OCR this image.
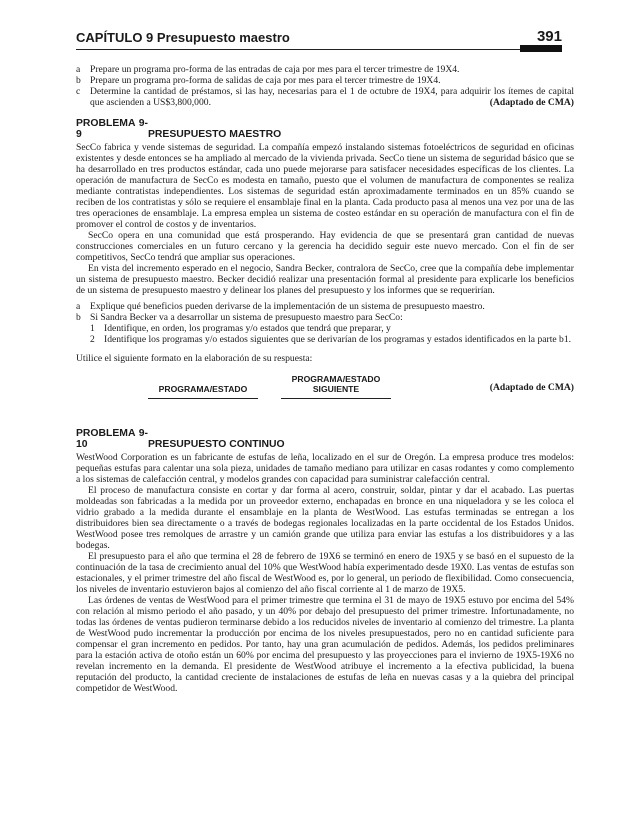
CAPÍTULO 9 Presupuesto maestro	391
a	Prepare un programa pro-forma de las entradas de caja por mes para el tercer trimestre de 19X4.
b Prepare un programa pro-forma de salidas de caja por mes para el tercer trimestre de 19X4.
c	Determine la cantidad de préstamos, si las hay, necesarias para el 1 de octubre de 19X4, para adquirir los ítemes de capital que ascienden a US$3,800,000.	(Adaptado de CMA)
PROBLEMA 9-9	PRESUPUESTO MAESTRO

SecCo fabrica y vende sistemas de seguridad. La compañía empezó instalando sistemas fotoeléctricos de seguridad en oficinas existentes y desde entonces se ha ampliado al mercado de la vivienda privada. SecCo tiene un sistema de seguridad básico que se ha desarrollado en tres productos estándar, cada uno puede mejorarse para satisfacer necesidades específicas de los clientes. La operación de manufactura de SecCo es modesta en tamaño, puesto que el volumen de manufactura de componentes se realiza mediante contratistas independientes. Los sistemas de seguridad están aproximadamente terminados en un 85% cuando se reciben de los contratistas y sólo se requiere el ensamblaje final en la planta. Cada producto pasa al menos una vez por una de las tres operaciones de ensamblaje. La empresa emplea un sistema de costeo estándar en su operación de manufactura con el fin de promover el control de costos y de inventarios.

SecCo opera en una comunidad que está prosperando. Hay evidencia de que se presentará gran cantidad de nuevas construcciones comerciales en un futuro cercano y la gerencia ha decidido seguir este nuevo mercado. Con el fin de ser competitivos, SecCo tendrá que ampliar sus operaciones.

En vista del incremento esperado en el negocio, Sandra Becker, contralora de SecCo, cree que la compañía debe implementar un sistema de presupuesto maestro. Becker decidió realizar una presentación formal al presidente para explicarle los beneficios de un sistema de presupuesto maestro y delinear los planes del presupuesto y los informes que se requerirían.

a	Explique qué beneficios pueden derivarse de la implementación de un sistema de presupuesto maestro.
b Si Sandra Becker va a desarrollar un sistema de presupuesto maestro para SecCo:
1 Identifique, en orden, los programas y/o estados que tendrá que preparar, y
2 Identifique los programas y/o estados siguientes que se derivarían de los programas y estados identificados en la parte b1.

Utilice el siguiente formato en la elaboración de su respuesta:

PROGRAMA/ESTADO
PROGRAMA/ESTADO
SIGUIENTE	(Adaptado de CMA)
PROBLEMA 9-10	PRESUPUESTO CONTINUO

WestWood Corporation es un fabricante de estufas de leña, localizado en el sur de Oregón. La empresa produce tres modelos: pequeñas estufas para calentar una sola pieza, unidades de tamaño mediano para utilizar en casas rodantes y como complemento a los sistemas de calefacción central, y modelos grandes con capacidad para suministrar calefacción central.

El proceso de manufactura consiste en cortar y dar forma al acero, construir, soldar, pintar y dar el acabado. Las puertas moldeadas son fabricadas a la medida por un proveedor externo, enchapadas en bronce en una niqueladora y se les coloca el vidrio grabado a la medida durante el ensamblaje en la planta de WestWood. Las estufas terminadas se entregan a los distribuidores bien sea directamente o a través de bodegas regionales localizadas en la parte occidental de los Estados Unidos. WestWood posee tres remolques de arrastre y un camión grande que utiliza para enviar las estufas a los distribuidores y a las bodegas.

El presupuesto para el año que termina el 28 de febrero de 19X6 se terminó en enero de 19X5 y se basó en el supuesto de la continuación de la tasa de crecimiento anual del 10% que WestWood había experimentado desde 19X0. Las ventas de estufas son estacionales, y el primer trimestre del año fiscal de WestWood es, por lo general, un periodo de flexibilidad. Como consecuencia, los niveles de inventario estuvieron bajos al comienzo del año fiscal corriente al 1 de marzo de 19X5.

Las órdenes de ventas de WestWood para el primer trimestre que termina el 31 de mayo de 19X5 estuvo por encima del 54% con relación al mismo periodo el año pasado, y un 40% por debajo del presupuesto del primer trimestre. Infortunadamente, no todas las órdenes de ventas pudieron terminarse debido a los reducidos niveles de inventario al comienzo del trimestre. La planta de WestWood pudo incrementar la producción por encima de los niveles presupuestados, pero no en cantidad suficiente para compensar el gran incremento en pedidos. Por tanto, hay una gran acumulación de pedidos. Además, los pedidos preliminares para la estación activa de otoño están un 60% por encima del presupuesto y las proyecciones para el invierno de 19X5-19X6 no revelan incremento en la demanda. El presidente de WestWood atribuye el incremento a la efectiva publicidad, la buena reputación del producto, la cantidad creciente de instalaciones de estufas de leña en nuevas casas y a la quiebra del principal competidor de WestWood.
